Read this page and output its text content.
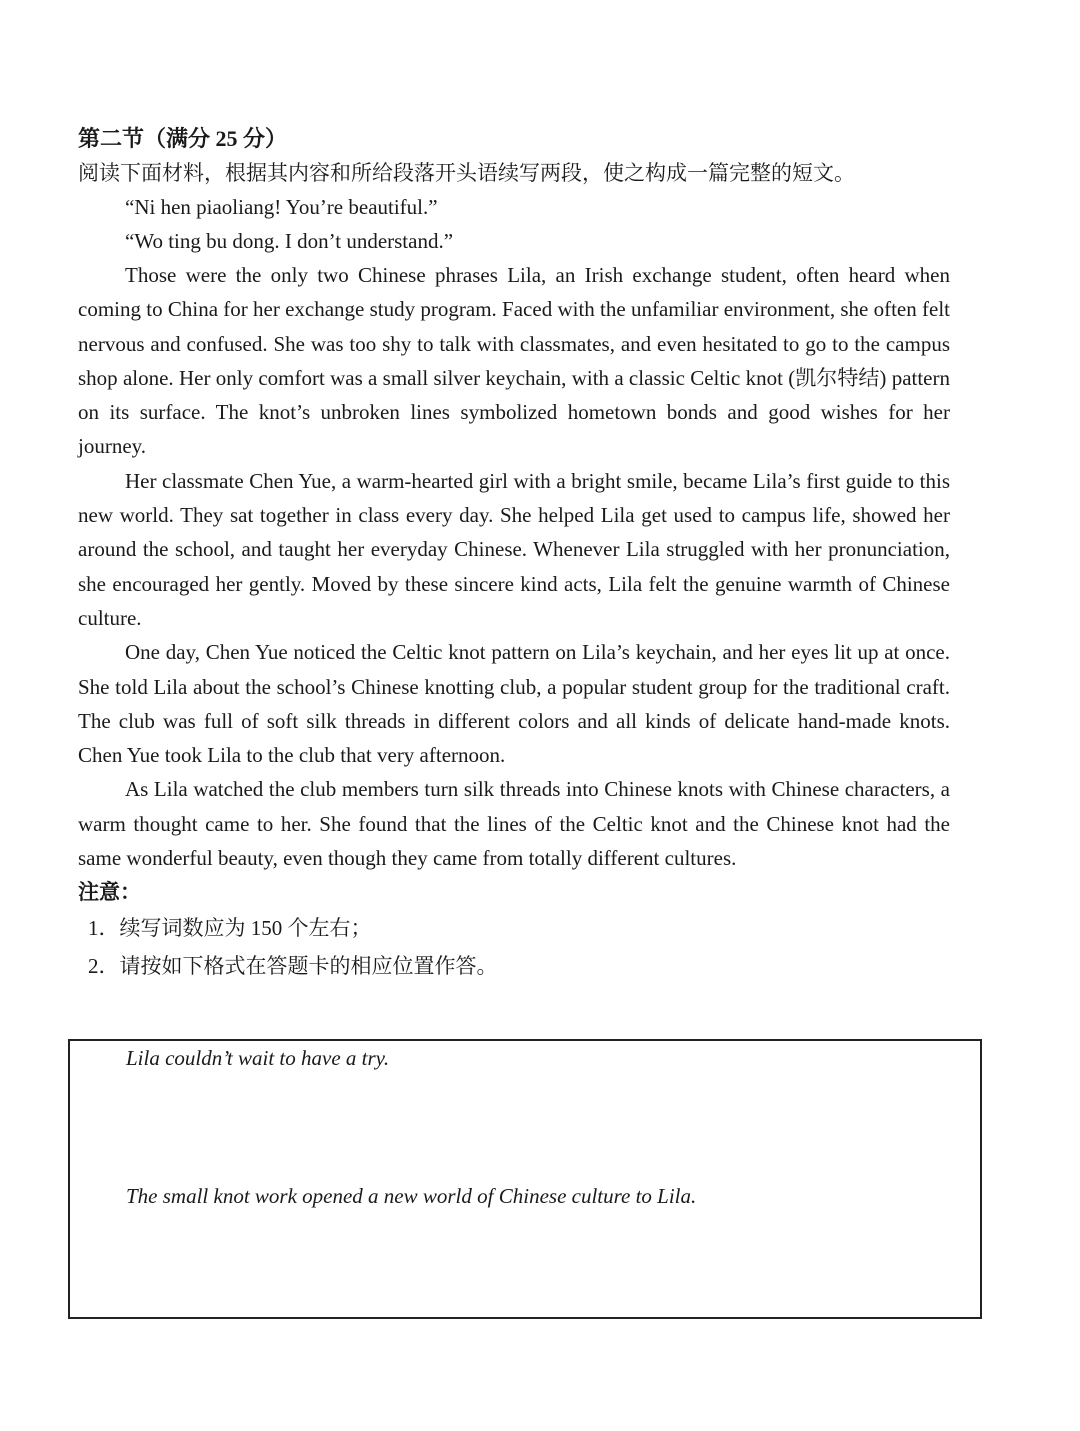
第二节（满分 25 分）

阅读下面材料，根据其内容和所给段落开头语续写两段，使之构成一篇完整的短文。

“Ni hen piaoliang! You’re beautiful.”

“Wo ting bu dong. I don’t understand.”

Those were the only two Chinese phrases Lila, an Irish exchange student, often heard when coming to China for her exchange study program. Faced with the unfamiliar environment, she often felt nervous and confused. She was too shy to talk with classmates, and even hesitated to go to the campus shop alone. Her only comfort was a small silver keychain, with a classic Celtic knot (凯尔特结) pattern on its surface. The knot’s unbroken lines symbolized hometown bonds and good wishes for her journey.

Her classmate Chen Yue, a warm-hearted girl with a bright smile, became Lila’s first guide to this new world. They sat together in class every day. She helped Lila get used to campus life, showed her around the school, and taught her everyday Chinese. Whenever Lila struggled with her pronunciation, she encouraged her gently. Moved by these sincere kind acts, Lila felt the genuine warmth of Chinese culture.

One day, Chen Yue noticed the Celtic knot pattern on Lila’s keychain, and her eyes lit up at once. She told Lila about the school’s Chinese knotting club, a popular student group for the traditional craft. The club was full of soft silk threads in different colors and all kinds of delicate hand-made knots. Chen Yue took Lila to the club that very afternoon.

As Lila watched the club members turn silk threads into Chinese knots with Chinese characters, a warm thought came to her. She found that the lines of the Celtic knot and the Chinese knot had the same wonderful beauty, even though they came from totally different cultures.

注意：

1．续写词数应为 150 个左右；

2．请按如下格式在答题卡的相应位置作答。

Lila couldn’t wait to have a try.
The small knot work opened a new world of Chinese culture to Lila.
